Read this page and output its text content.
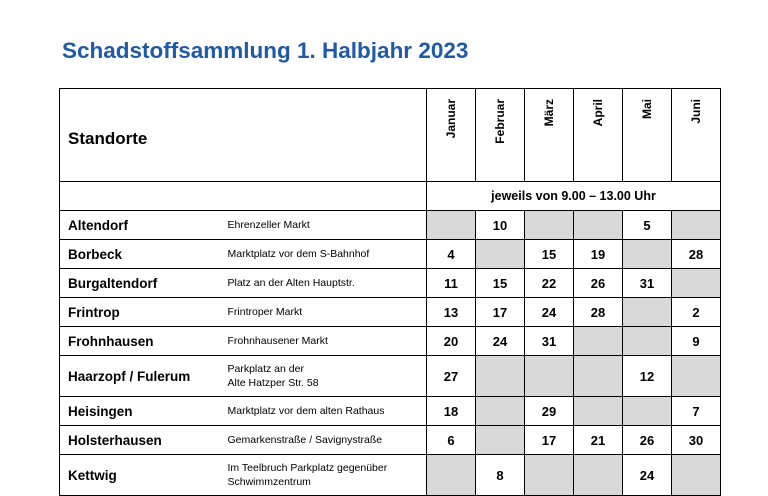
Schadstoffsammlung 1. Halbjahr 2023
Standorte		Januar	Februar	März	April	Mai	Juni
		jeweils von 9.00 – 13.00 Uhr					
Altendorf	Ehrenzeller Markt		10			5	
Borbeck	Marktplatz vor dem S-Bahnhof	4		15	19		28
Burgaltendorf	Platz an der Alten Hauptstr.	11	15	22	26	31	
Frintrop	Frintroper Markt	13	17	24	28		2
Frohnhausen	Frohnhausener Markt	20	24	31			9
Haarzopf / Fulerum	Parkplatz an der
Alte Hatzper Str. 58	27				12	
Heisingen	Marktplatz vor dem alten Rathaus	18		29			7
Holsterhausen	Gemarkenstraße / Savignystraße	6		17	21	26	30
Kettwig	Im Teelbruch Parkplatz gegenüber
Schwimmzentrum		8			24	
